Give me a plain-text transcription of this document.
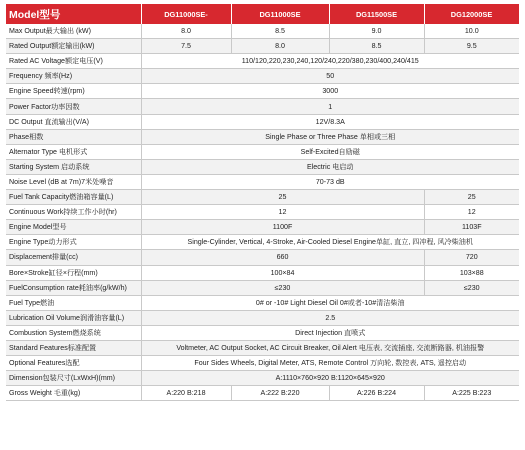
Model型号	DG11000SE-	DG11000SE	DG11500SE	DG12000SE
Max Output最大输出 (kW)	8.0	8.5	9.0	10.0
Rated Output额定输出(kW)	7.5	8.0	8.5	9.5
Rated AC Voltage额定电压(V)	110/120,220,230,240,120/240,220/380,230/400,240/415			
Frequency 频率(Hz)	50			
Engine Speed转速(rpm)	3000			
Power Factor功率因数	1			
DC Output 直流输出(V/A)	12V/8.3A			
Phase相数	Single Phase or Three Phase 单相或三相			
Alternator Type 电机形式	Self-Excited自励磁			
Starting System 启动系统	Electric 电启动			
Noise Level (dB at 7m)7米处噪音	70-73 dB			
Fuel Tank Capacity燃油箱容量(L)	25			25
Continuous Work持续工作小时(hr)	12			12
Engine Model型号	1100F			1103F
Engine Type动力形式	Single-Cylinder, Vertical, 4-Stroke, Air-Cooled Diesel Engine单缸, 直立, 四冲程, 风冷柴油机			
Displacement排量(cc)	660			720
Bore×Stroke缸径×行程(mm)	100×84			103×88
FuelConsumption rate耗油率(g/kW/h)	≤230			≤230
Fuel Type燃油	0# or -10# Light Diesel Oil 0#或者-10#清洁柴油			
Lubrication Oil Volume润滑油容量(L)	2.5			
Combustion System燃烧系统	Direct Injection 直喷式			
Standard Features标准配置	Voltmeter, AC Output Socket, AC Circuit Breaker, Oil Alert 电压表, 交流插座, 交流断路器, 机油报警			
Optional Features选配	Four Sides Wheels, Digital Meter, ATS, Remote Control 万向轮, 数控表, ATS, 遥控启动			
Dimension包装尺寸(LxWxH)(mm)	A:1110×760×920 B:1120×645×920			
Gross Weight 毛重(kg)	A:220 B:218	A:222 B:220	A:226 B:224	A:225 B:223
